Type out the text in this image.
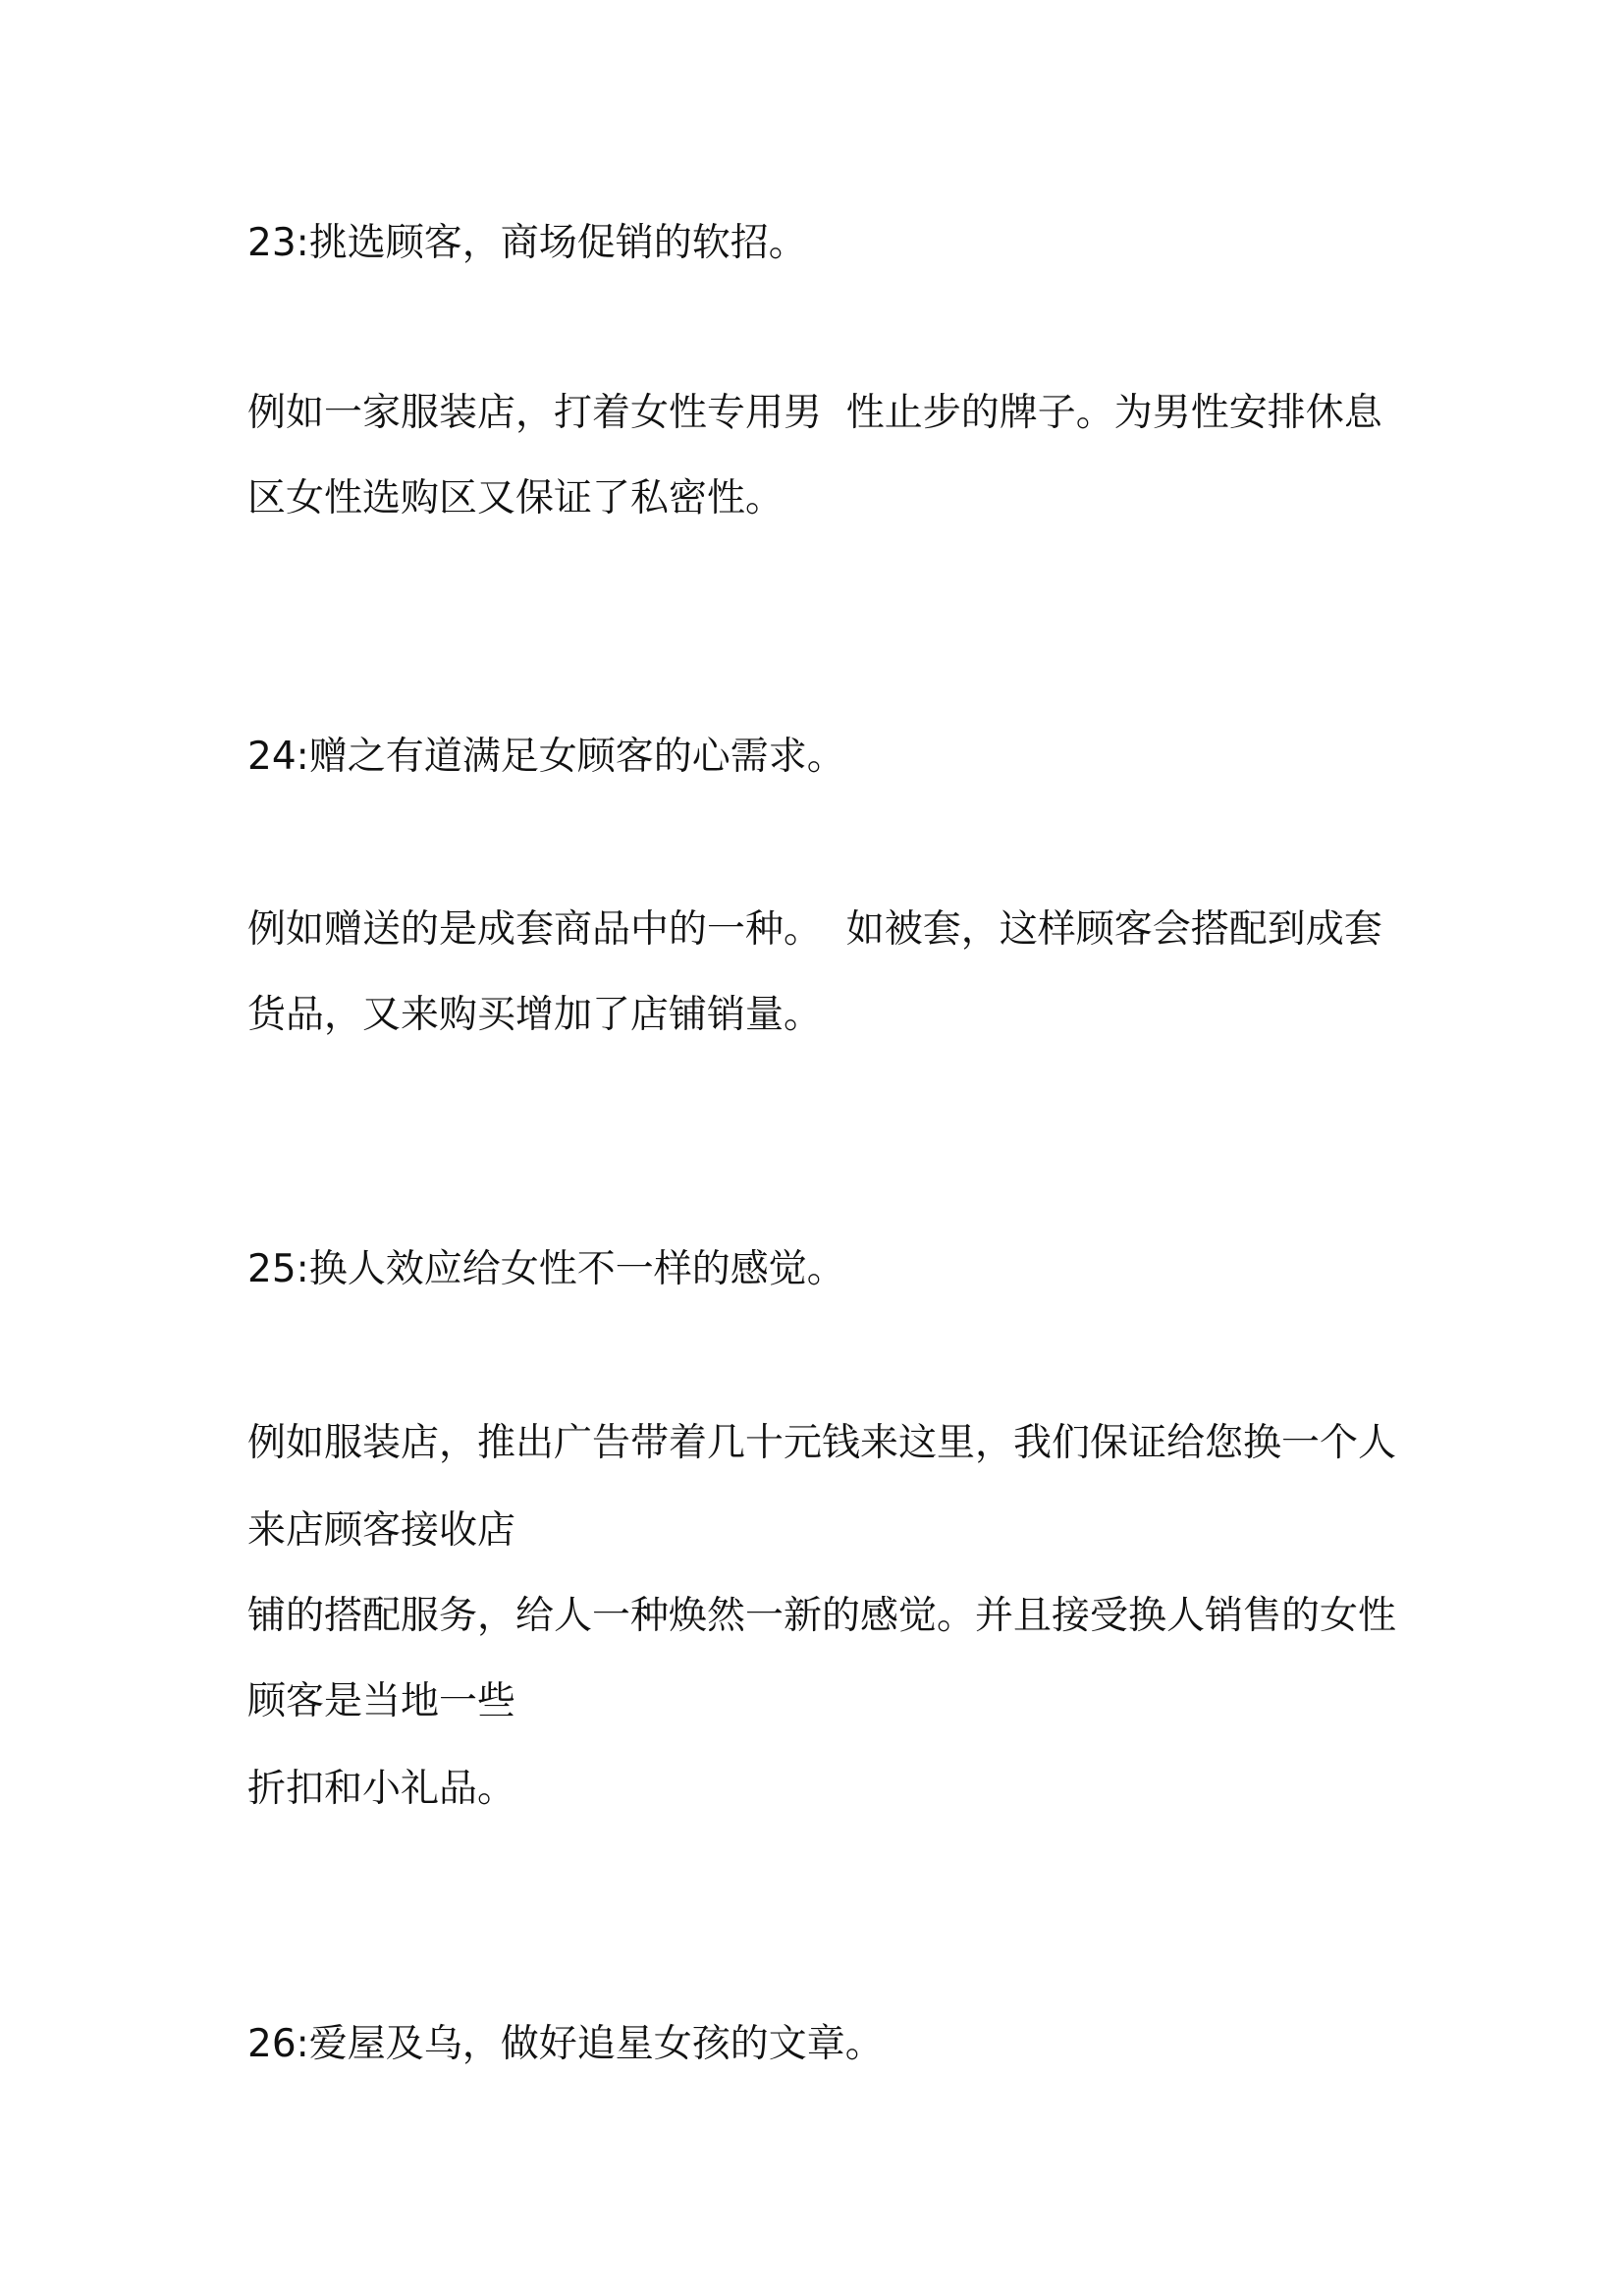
23:挑选顾客，商场促销的软招。

例如一家服装店，打着女性专用男  性止步的牌子。为男性安排休息

区女性选购区又保证了私密性。

24:赠之有道满足女顾客的心需求。

例如赠送的是成套商品中的一种。  如被套，这样顾客会搭配到成套

货品，又来购买增加了店铺销量。

25:换人效应给女性不一样的感觉。

例如服装店，推出广告带着几十元钱来这里，我们保证给您换一个人

来店顾客接收店

铺的搭配服务，给人一种焕然一新的感觉。并且接受换人销售的女性

顾客是当地一些

折扣和小礼品。

26:爱屋及乌，做好追星女孩的文章。
